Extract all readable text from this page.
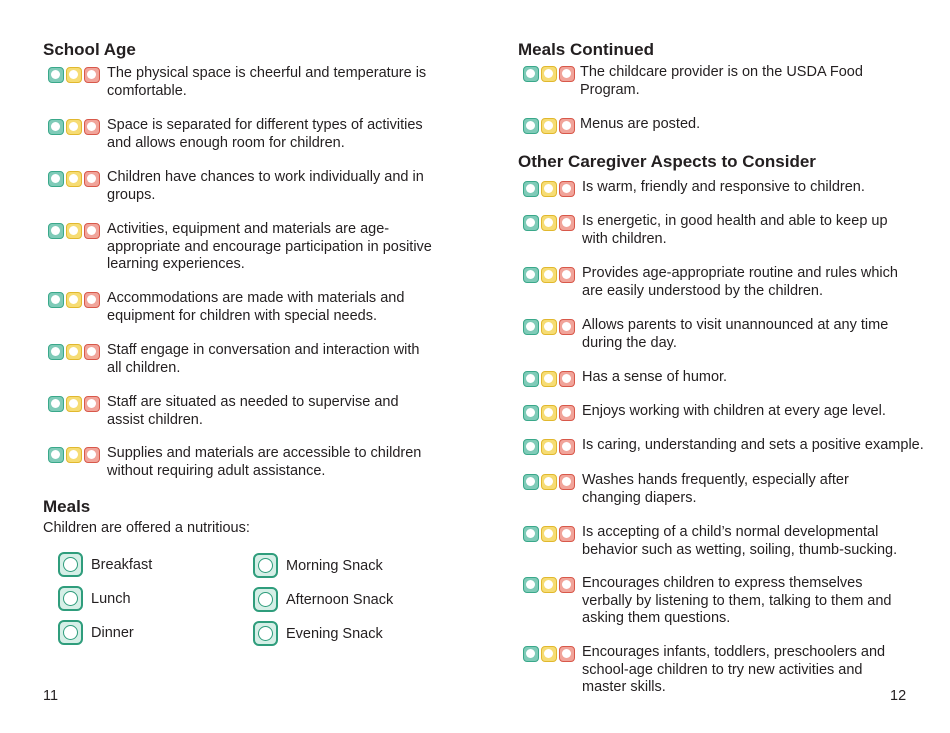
School Age
The physical space is cheerful and temperature is comfortable.
Space is separated for different types of activities and allows enough room for children.
Children have chances to work individually and in groups.
Activities, equipment and materials are age-appropriate and encourage participation in positive learning experiences.
Accommodations are made with materials and equipment for children with special needs.
Staff engage in conversation and interaction with all children.
Staff are situated as needed to supervise and assist children.
Supplies and materials are accessible to children without requiring adult assistance.
Meals
Children are offered a nutritious:
Breakfast
Lunch
Dinner
Morning Snack
Afternoon Snack
Evening Snack
11
Meals Continued
The childcare provider is on the USDA Food Program.
Menus are posted.
Other Caregiver Aspects to Consider
Is warm, friendly and responsive to children.
Is energetic, in good health and able to keep up with children.
Provides age-appropriate routine and rules which are easily understood by the children.
Allows parents to visit unannounced at any time during the day.
Has a sense of humor.
Enjoys working with children at every age level.
Is caring, understanding and sets a positive example.
Washes hands frequently, especially after changing diapers.
Is accepting of a child’s normal developmental behavior such as wetting, soiling, thumb-sucking.
Encourages children to express themselves verbally by listening to them, talking to them and asking them questions.
Encourages infants, toddlers, preschoolers and school-age children to try new activities and master skills.
12
